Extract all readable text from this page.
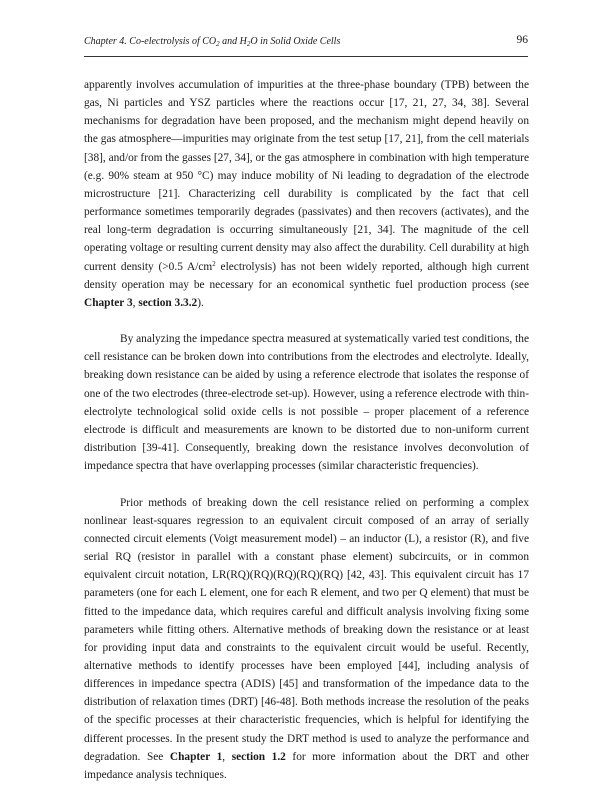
Chapter 4. Co-electrolysis of $CO_2$ and $H_2O$ in Solid Oxide Cells	96

apparently involves accumulation of impurities at the three-phase boundary (TPB) between the gas, Ni particles and YSZ particles where the reactions occur [17, 21, 27, 34, 38]. Several mechanisms for degradation have been proposed, and the mechanism might depend heavily on the gas atmosphere—impurities may originate from the test setup [17, 21], from the cell materials [38], and/or from the gasses [27, 34], or the gas atmosphere in combination with high temperature (e.g. 90% steam at 950 °C) may induce mobility of Ni leading to degradation of the electrode microstructure [21]. Characterizing cell durability is complicated by the fact that cell performance sometimes temporarily degrades (passivates) and then recovers (activates), and the real long-term degradation is occurring simultaneously [21, 34]. The magnitude of the cell operating voltage or resulting current density may also affect the durability. Cell durability at high current density (>0.5 $A/cm^2$ electrolysis) has not been widely reported, although high current density operation may be necessary for an economical synthetic fuel production process (see Chapter 3, section 3.3.2).

By analyzing the impedance spectra measured at systematically varied test conditions, the cell resistance can be broken down into contributions from the electrodes and electrolyte. Ideally, breaking down resistance can be aided by using a reference electrode that isolates the response of one of the two electrodes (three-electrode set-up). However, using a reference electrode with thin-electrolyte technological solid oxide cells is not possible – proper placement of a reference electrode is difficult and measurements are known to be distorted due to non-uniform current distribution [39-41]. Consequently, breaking down the resistance involves deconvolution of impedance spectra that have overlapping processes (similar characteristic frequencies).

Prior methods of breaking down the cell resistance relied on performing a complex nonlinear least-squares regression to an equivalent circuit composed of an array of serially connected circuit elements (Voigt measurement model) – an inductor (L), a resistor (R), and five serial RQ (resistor in parallel with a constant phase element) subcircuits, or in common equivalent circuit notation, LR(RQ)(RQ)(RQ)(RQ)(RQ) [42, 43]. This equivalent circuit has 17 parameters (one for each L element, one for each R element, and two per Q element) that must be fitted to the impedance data, which requires careful and difficult analysis involving fixing some parameters while fitting others. Alternative methods of breaking down the resistance or at least for providing input data and constraints to the equivalent circuit would be useful. Recently, alternative methods to identify processes have been employed [44], including analysis of differences in impedance spectra (ADIS) [45] and transformation of the impedance data to the distribution of relaxation times (DRT) [46-48]. Both methods increase the resolution of the peaks of the specific processes at their characteristic frequencies, which is helpful for identifying the different processes. In the present study the DRT method is used to analyze the performance and degradation. See Chapter 1, section 1.2 for more information about the DRT and other impedance analysis techniques.
